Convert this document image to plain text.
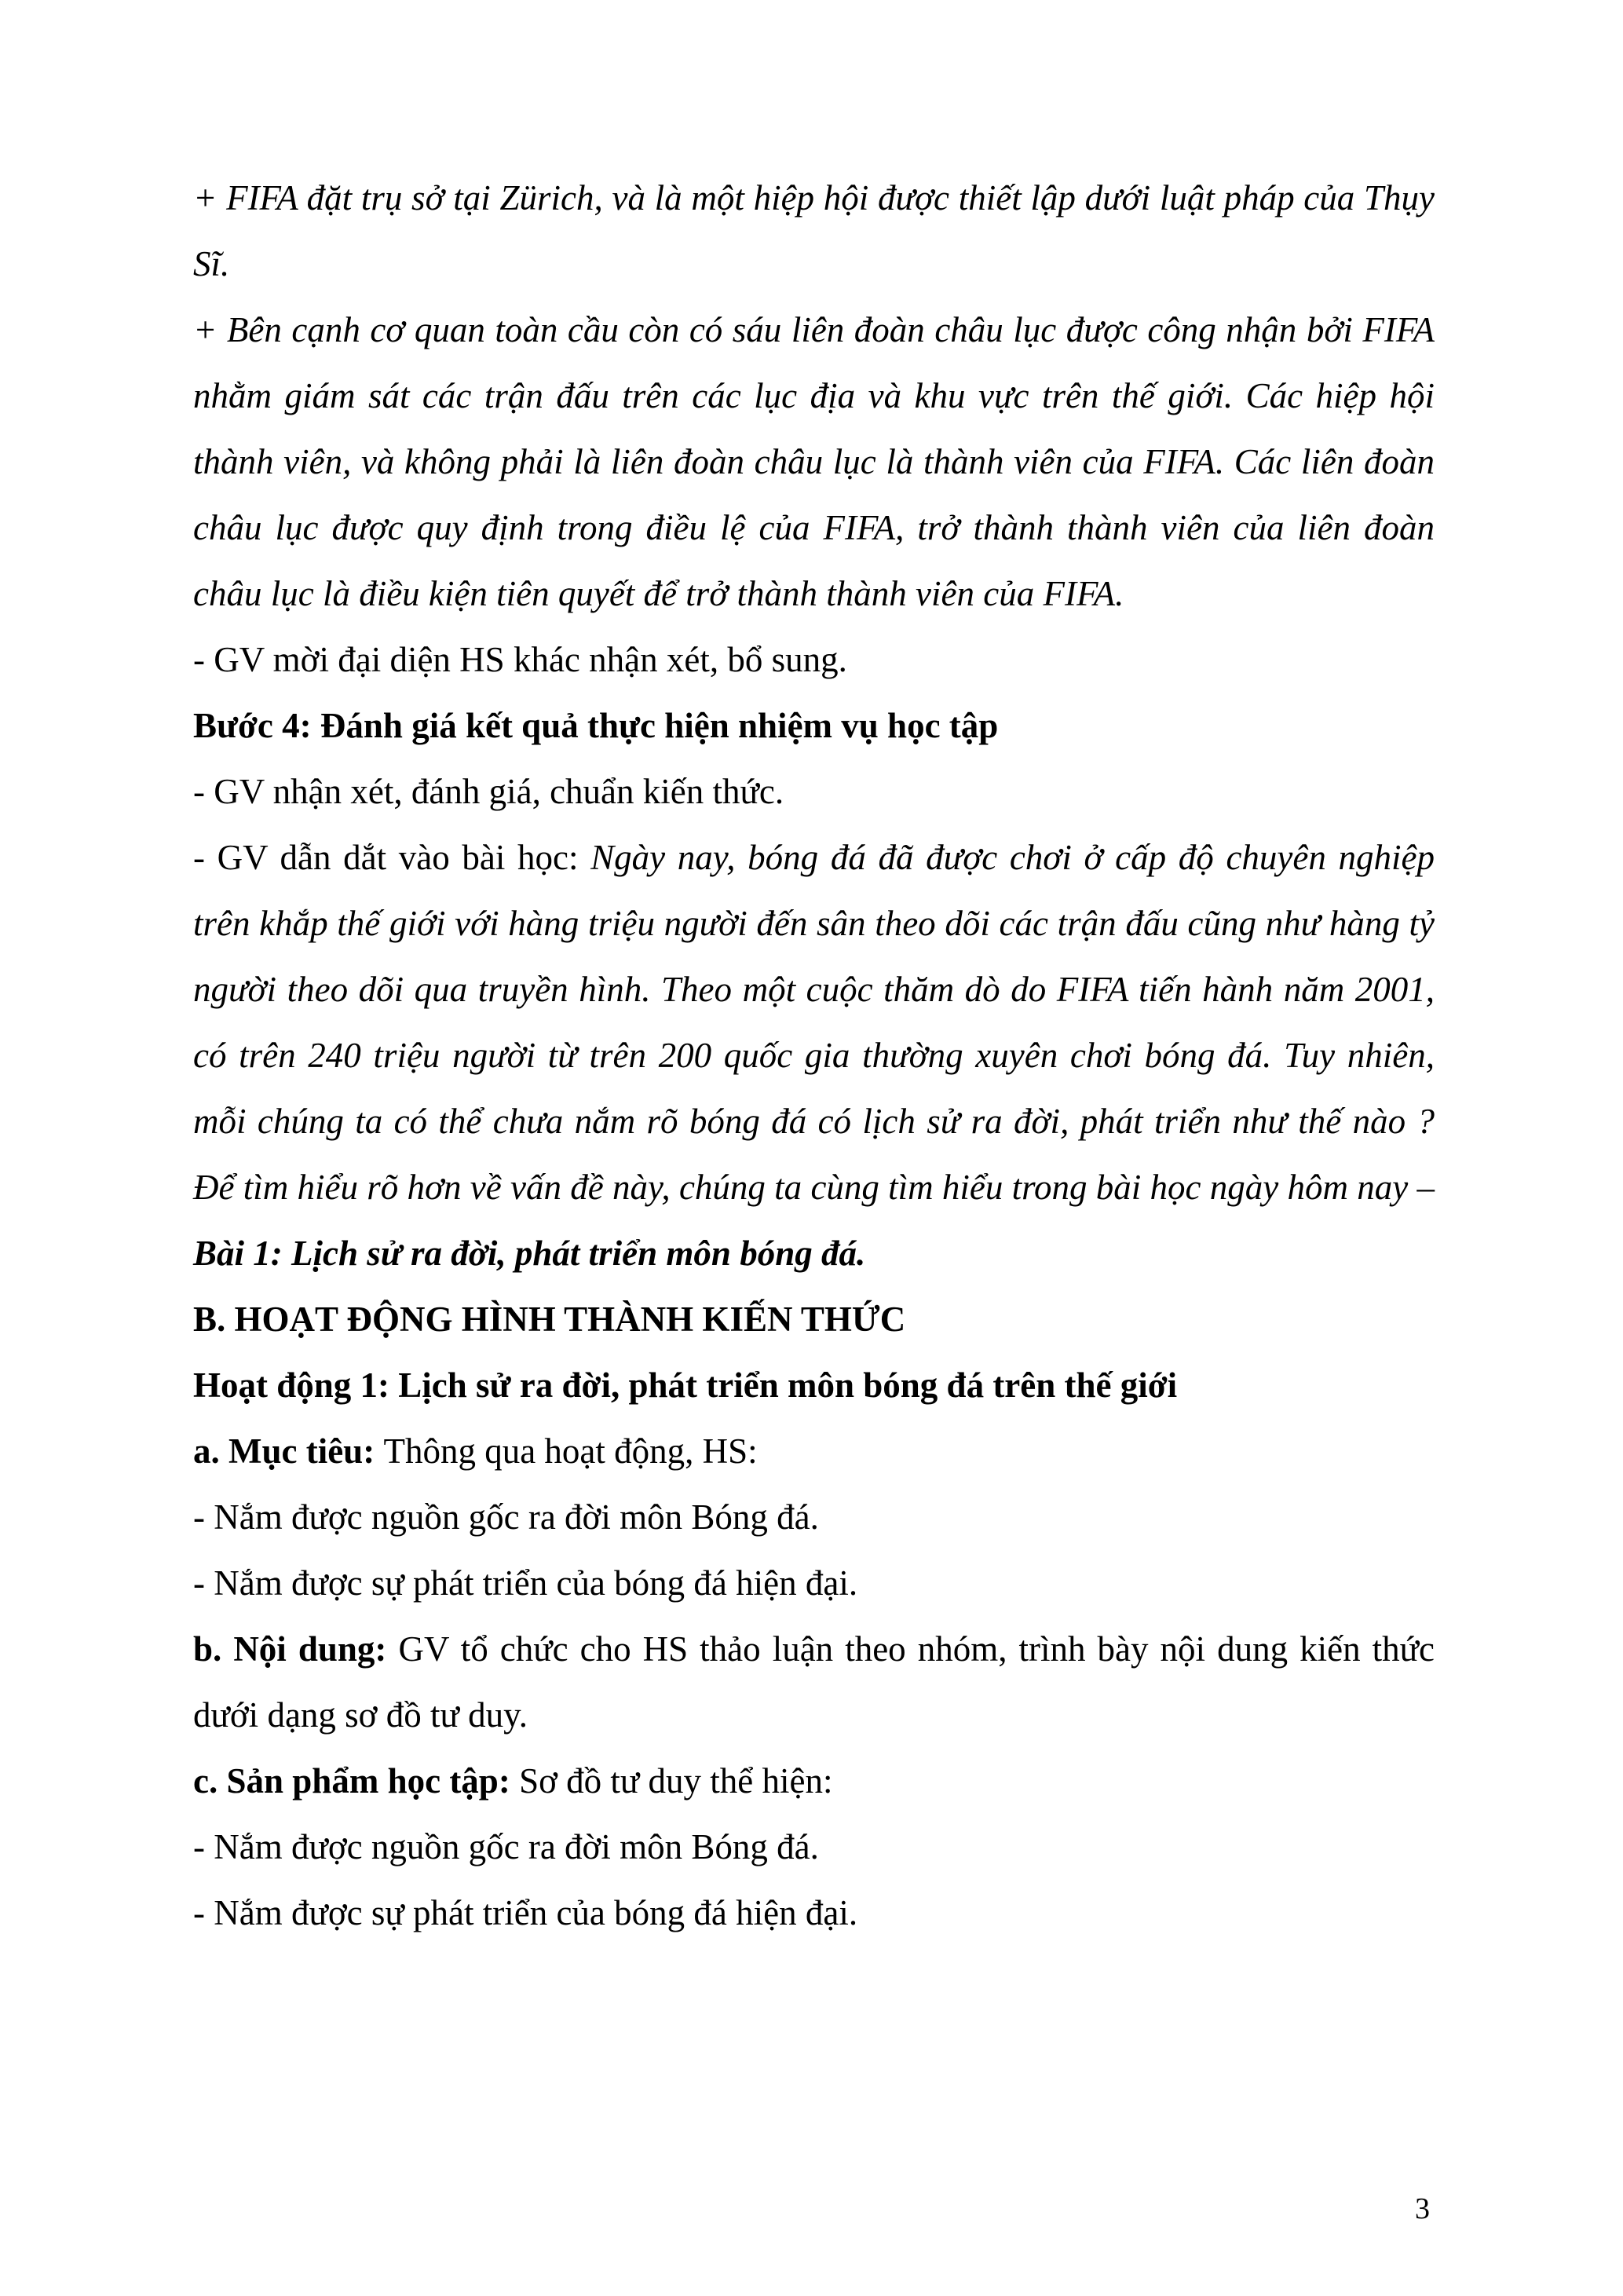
+ FIFA đặt trụ sở tại Zürich, và là một hiệp hội được thiết lập dưới luật pháp của Thụy Sĩ.

+ Bên cạnh cơ quan toàn cầu còn có sáu liên đoàn châu lục được công nhận bởi FIFA nhằm giám sát các trận đấu trên các lục địa và khu vực trên thế giới. Các hiệp hội thành viên, và không phải là liên đoàn châu lục là thành viên của FIFA. Các liên đoàn châu lục được quy định trong điều lệ của FIFA, trở thành thành viên của liên đoàn châu lục là điều kiện tiên quyết để trở thành thành viên của FIFA.

- GV mời đại diện HS khác nhận xét, bổ sung.

Bước 4: Đánh giá kết quả thực hiện nhiệm vụ học tập

- GV nhận xét, đánh giá, chuẩn kiến thức.

- GV dẫn dắt vào bài học: Ngày nay, bóng đá đã được chơi ở cấp độ chuyên nghiệp trên khắp thế giới với hàng triệu người đến sân theo dõi các trận đấu cũng như hàng tỷ người theo dõi qua truyền hình. Theo một cuộc thăm dò do FIFA tiến hành năm 2001, có trên 240 triệu người từ trên 200 quốc gia thường xuyên chơi bóng đá. Tuy nhiên, mỗi chúng ta có thể chưa nắm rõ bóng đá có lịch sử ra đời, phát triển như thế nào ? Để tìm hiểu rõ hơn về vấn đề này, chúng ta cùng tìm hiểu trong bài học ngày hôm nay – Bài 1: Lịch sử ra đời, phát triển môn bóng đá.

B. HOẠT ĐỘNG HÌNH THÀNH KIẾN THỨC

Hoạt động 1: Lịch sử ra đời, phát triển môn bóng đá trên thế giới

a. Mục tiêu: Thông qua hoạt động, HS:

- Nắm được nguồn gốc ra đời môn Bóng đá.

- Nắm được sự phát triển của bóng đá hiện đại.

b. Nội dung: GV tổ chức cho HS thảo luận theo nhóm, trình bày nội dung kiến thức dưới dạng sơ đồ tư duy.

c. Sản phẩm học tập: Sơ đồ tư duy thể hiện:

- Nắm được nguồn gốc ra đời môn Bóng đá.

- Nắm được sự phát triển của bóng đá hiện đại.

3
